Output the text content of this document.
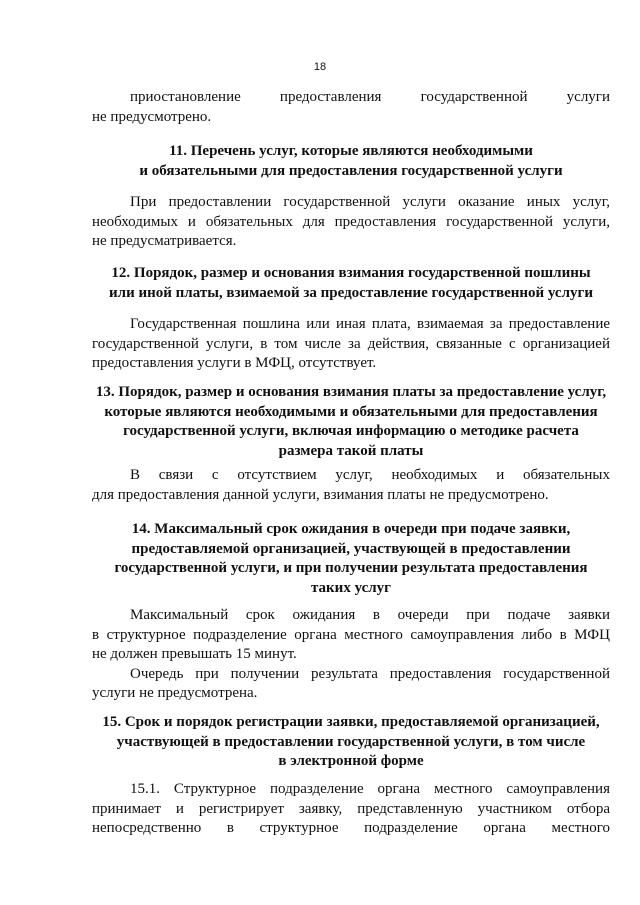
18
приостановление предоставления государственной услуги
не предусмотрено.
11. Перечень услуг, которые являются необходимыми
и обязательными для предоставления государственной услуги
При предоставлении государственной услуги оказание иных услуг,
необходимых и обязательных для предоставления государственной услуги,
не предусматривается.
12. Порядок, размер и основания взимания государственной пошлины
или иной платы, взимаемой за предоставление государственной услуги
Государственная пошлина или иная плата, взимаемая за предоставление
государственной услуги, в том числе за действия, связанные с организацией
предоставления услуги в МФЦ, отсутствует.
13. Порядок, размер и основания взимания платы за предоставление услуг,
которые являются необходимыми и обязательными для предоставления
государственной услуги, включая информацию о методике расчета
размера такой платы
В связи с отсутствием услуг, необходимых и обязательных
для предоставления данной услуги, взимания платы не предусмотрено.
14. Максимальный срок ожидания в очереди при подаче заявки,
предоставляемой организацией, участвующей в предоставлении
государственной услуги, и при получении результата предоставления
таких услуг
Максимальный срок ожидания в очереди при подаче заявки
в структурное подразделение органа местного самоуправления либо в МФЦ
не должен превышать 15 минут.
Очередь при получении результата предоставления государственной
услуги не предусмотрена.
15. Срок и порядок регистрации заявки, предоставляемой организацией,
участвующей в предоставлении государственной услуги, в том числе
в электронной форме
15.1. Структурное подразделение органа местного самоуправления
принимает и регистрирует заявку, представленную участником отбора
непосредственно в структурное подразделение органа местного
